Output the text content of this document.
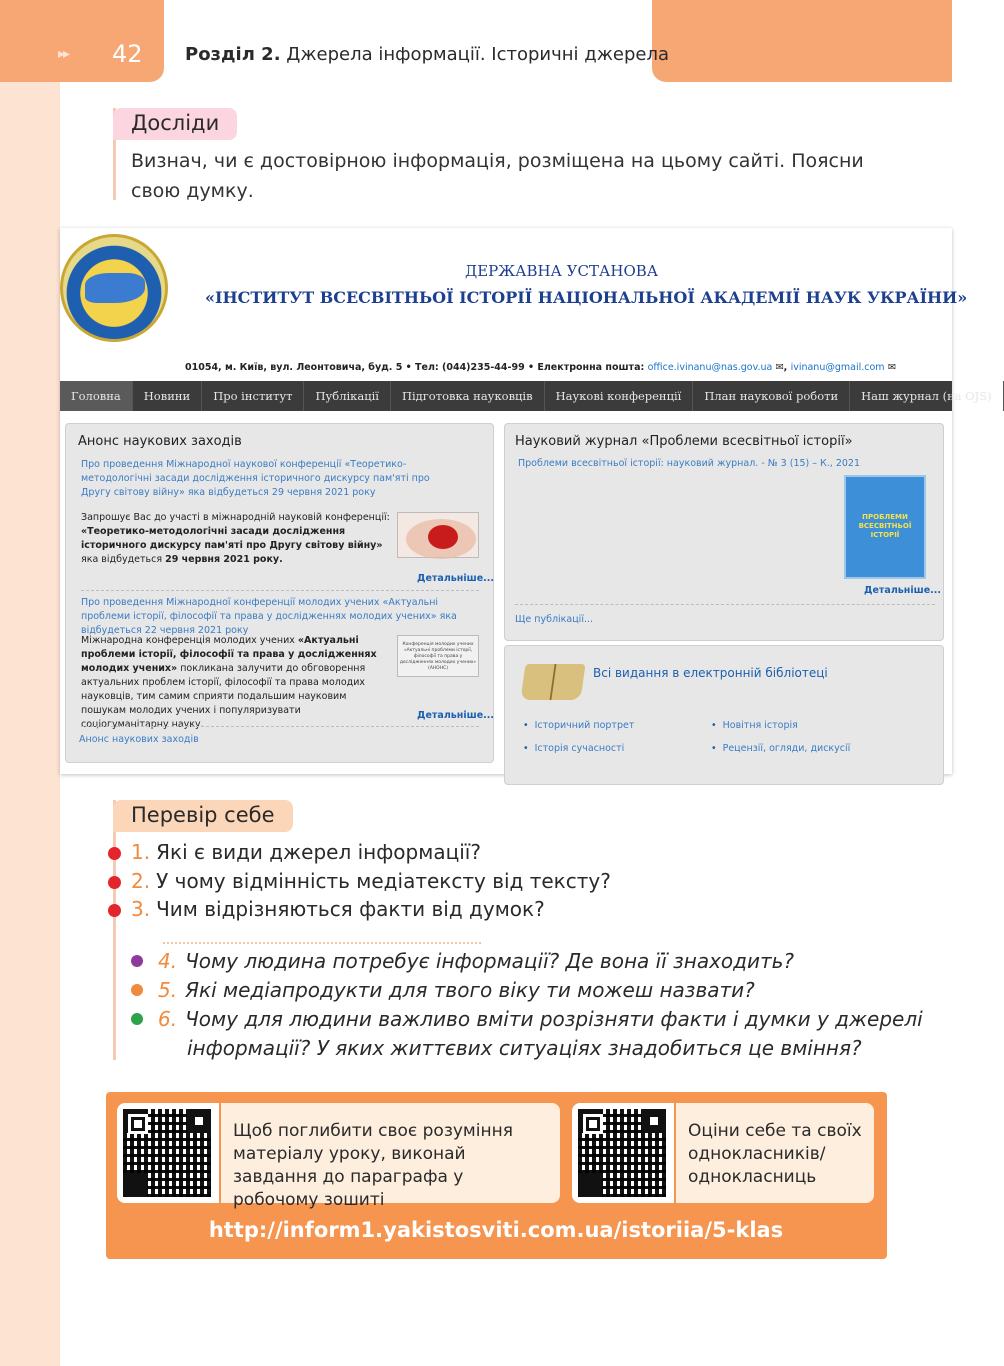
▸▸ 42 Розділ 2. Джерела інформації. Історичні джерела
Досліди
Визнач, чи є достовірною інформація, розміщена на цьому сайті. Поясни свою думку.
ДЕРЖАВНА УСТАНОВА
«ІНСТИТУТ ВСЕСВІТНЬОЇ ІСТОРІЇ НАЦІОНАЛЬНОЇ АКАДЕМІЇ НАУК УКРАЇНИ»
01054, м. Київ, вул. Леонтовича, буд. 5 • Тел: (044)235-44-99 • Електронна пошта: office.ivinanu@nas.gov.ua ✉, ivinanu@gmail.com ✉
Головна	Новини	Про інститут	Публікації	Підготовка науковців	Наукові конференції	План наукової роботи	Наш журнал (на OJS)
Анонс наукових заходів
Про проведення Міжнародної наукової конференції «Теоретико-методологічні засади дослідження історичного дискурсу пам'яті про Другу світову війну» яка відбудеться 29 червня 2021 року
Запрошує Вас до участі в міжнародній науковій конференції:
«Теоретико-методологічні засади дослідження історичного дискурсу пам'яті про Другу світову війну» яка відбудеться 29 червня 2021 року.
Детальніше...
Про проведення Міжнародної конференції молодих учених «Актуальні проблеми історії, філософії та права у дослідженнях молодих учених» яка відбудеться 22 червня 2021 року
Міжнародна конференція молодих учених «Актуальні проблеми історії, філософії та права у дослідженнях молодих учених» покликана залучити до обговорення актуальних проблем історії, філософії та права молодих науковців, тим самим сприяти подальшим науковим пошукам молодих учених і популяризувати соціогуманітарну науку.
Конференція молодих учених «Актуальні проблеми історії, філософії та права у дослідженнях молодих учених» (АНОНС)
Детальніше...
Анонс наукових заходів
Науковий журнал «Проблеми всесвітньої історії»
Проблеми всесвітньої історії: науковий журнал. - № 3 (15) – К., 2021
ПРОБЛЕМИ ВСЕСВІТНЬОЇ ІСТОРІЇ
Детальніше...
Ще публікації...
Всі видання в електронній бібліотеці
• Історичний портрет
• Історія сучасності
• Новітня історія
• Рецензії, огляди, дискусії
Перевір себе
1. Які є види джерел інформації?
2. У чому відмінність медіатексту від тексту?
3. Чим відрізняються факти від думок?
4. Чому людина потребує інформації? Де вона її знаходить?
5. Які медіапродукти для твого віку ти можеш назвати?
6. Чому для людини важливо вміти розрізняти факти і думки у джерелі
інформації? У яких життєвих ситуаціях знадобиться це вміння?
Щоб поглибити своє розуміння матеріалу уроку, виконай завдання до параграфа у робочому зошиті
Оціни себе та своїх однокласників/ однокласниць
http://inform1.yakistosviti.com.ua/istoriia/5-klas
